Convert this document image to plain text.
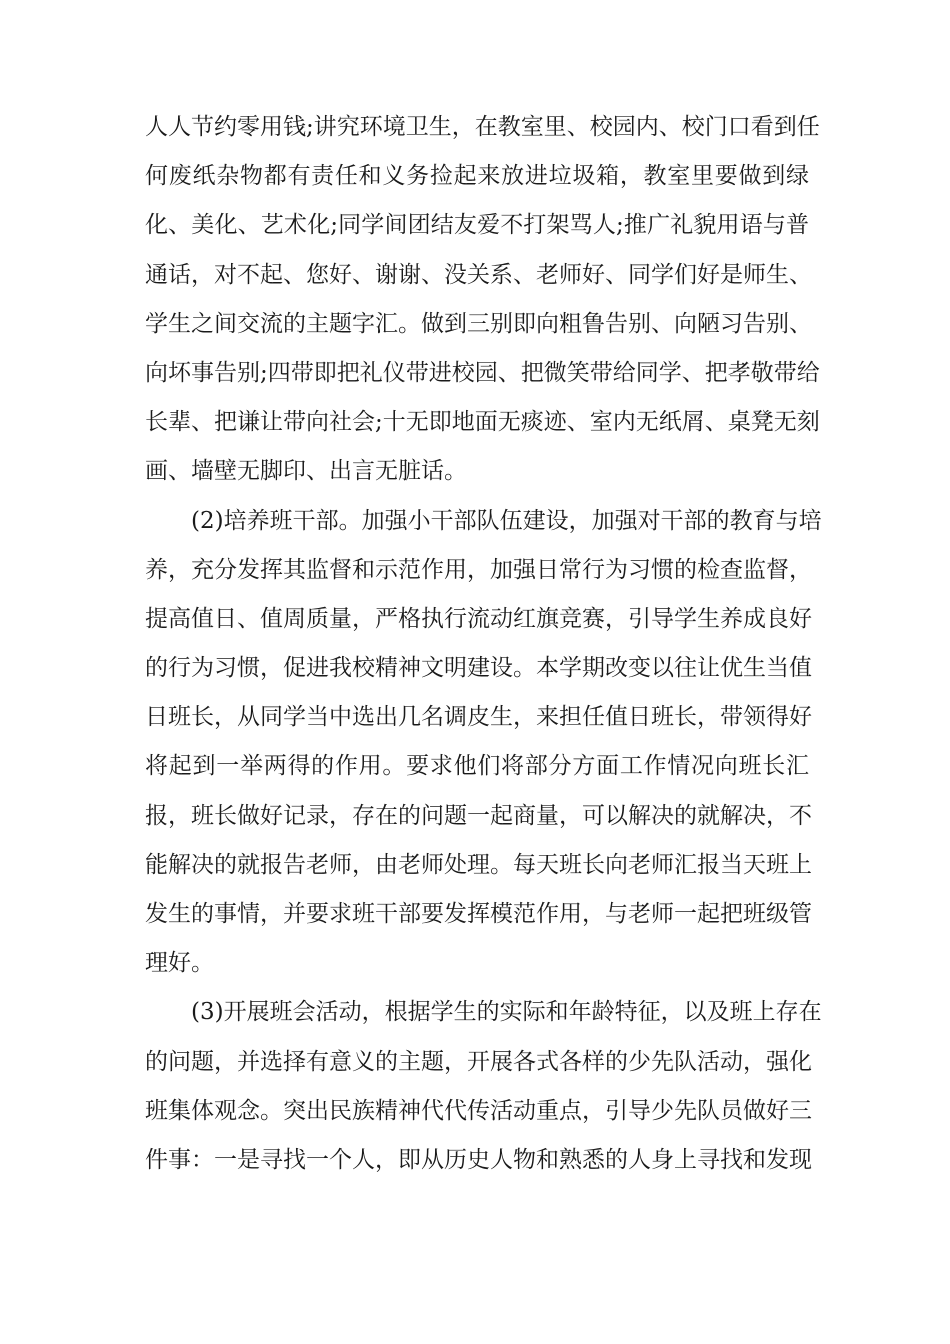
人人节约零用钱;讲究环境卫生，在教室里、校园内、校门口看到任
何废纸杂物都有责任和义务捡起来放进垃圾箱，教室里要做到绿
化、美化、艺术化;同学间团结友爱不打架骂人;推广礼貌用语与普
通话，对不起、您好、谢谢、没关系、老师好、同学们好是师生、
学生之间交流的主题字汇。做到三别即向粗鲁告别、向陋习告别、
向坏事告别;四带即把礼仪带进校园、把微笑带给同学、把孝敬带给
长辈、把谦让带向社会;十无即地面无痰迹、室内无纸屑、桌凳无刻
画、墙壁无脚印、出言无脏话。
(2)培养班干部。加强小干部队伍建设，加强对干部的教育与培
养，充分发挥其监督和示范作用，加强日常行为习惯的检查监督，
提高值日、值周质量，严格执行流动红旗竞赛，引导学生养成良好
的行为习惯，促进我校精神文明建设。本学期改变以往让优生当值
日班长，从同学当中选出几名调皮生，来担任值日班长，带领得好
将起到一举两得的作用。要求他们将部分方面工作情况向班长汇
报，班长做好记录，存在的问题一起商量，可以解决的就解决，不
能解决的就报告老师，由老师处理。每天班长向老师汇报当天班上
发生的事情，并要求班干部要发挥模范作用，与老师一起把班级管
理好。
(3)开展班会活动，根据学生的实际和年龄特征，以及班上存在
的问题，并选择有意义的主题，开展各式各样的少先队活动，强化
班集体观念。突出民族精神代代传活动重点，引导少先队员做好三
件事：一是寻找一个人，即从历史人物和熟悉的人身上寻找和发现
